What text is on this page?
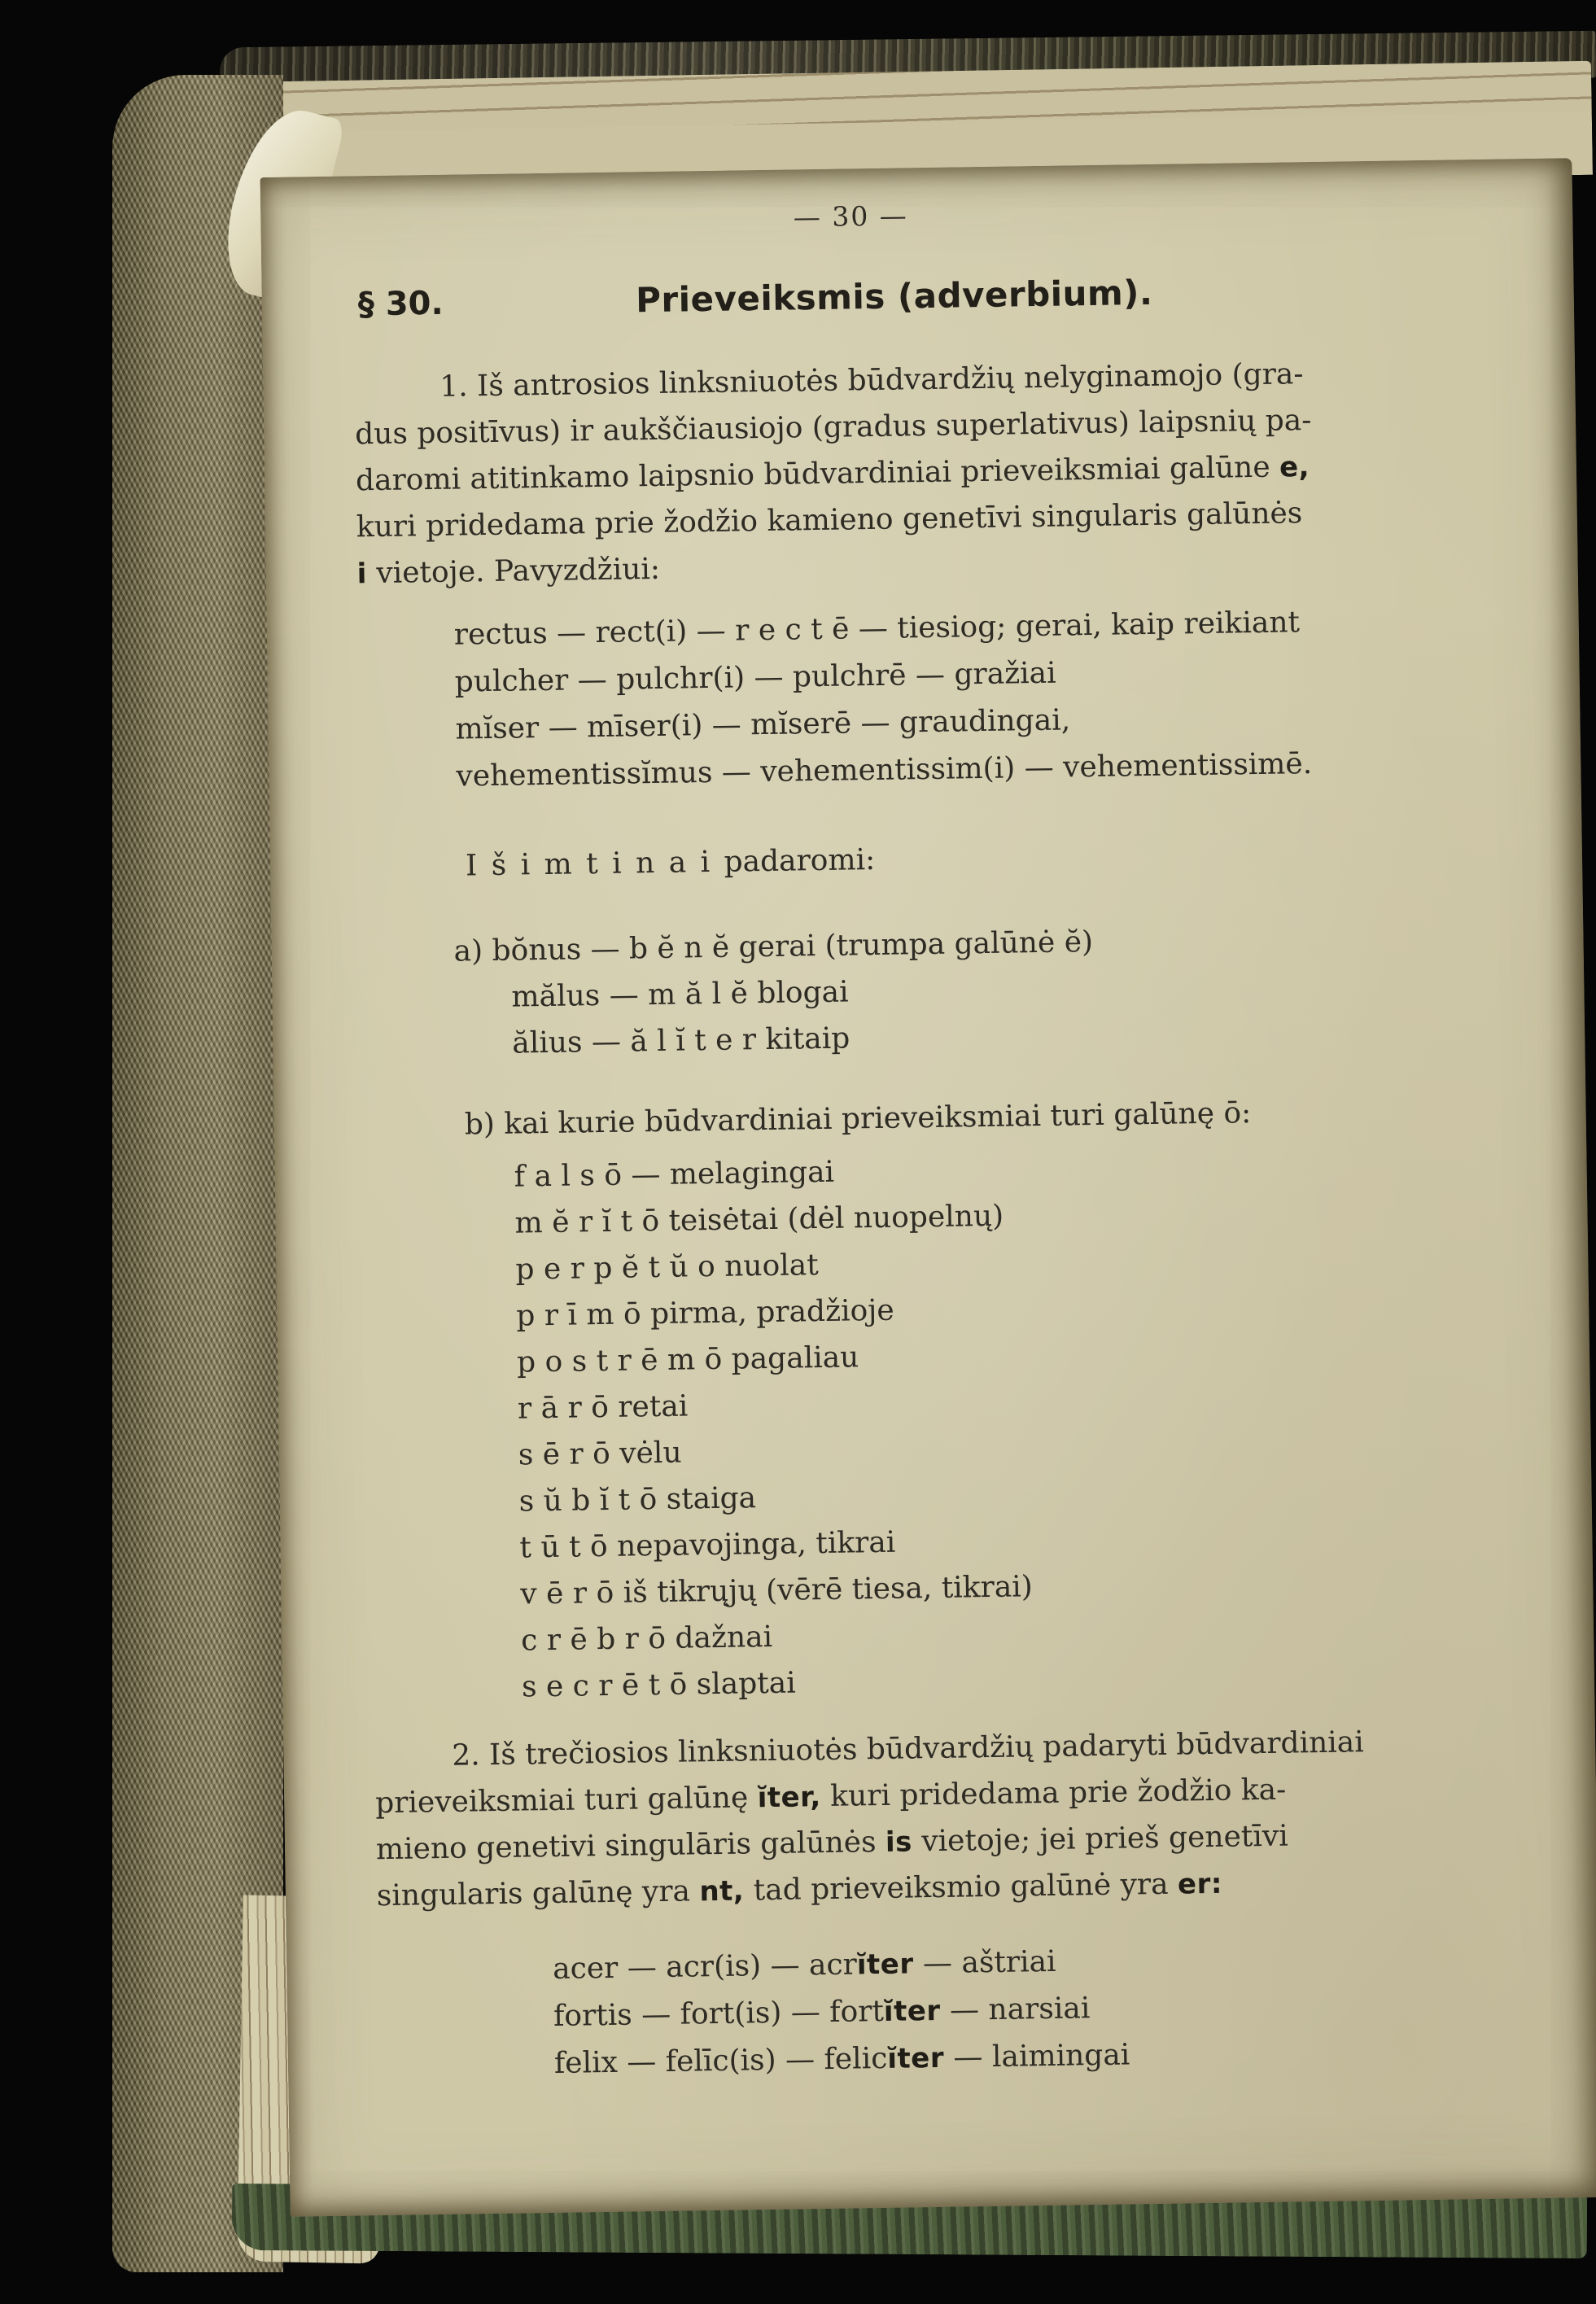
— 30 —
§ 30.	Prieveiksmis (adverbium).
1. Iš antrosios linksniuotės būdvardžių nelyginamojo (gra-
dus positīvus) ir aukščiausiojo (gradus superlativus) laipsnių pa-
daromi atitinkamo laipsnio būdvardiniai prieveiksmiai galūne e,
kuri pridedama prie žodžio kamieno genetīvi singularis galūnės
i vietoje. Pavyzdžiui:
rectus — rect(i) — r e c t ē — tiesiog; gerai, kaip reikiant
pulcher — pulchr(i) — pulchrē — gražiai
mĭser — mīser(i) — mĭserē — graudingai,
vehementissĭmus — vehementissim(i) — vehementissimē.
I š i m t i n a i padaromi:
a) bŏnus — b ĕ n ĕ gerai (trumpa galūnė ĕ)
mălus — m ă l ĕ blogai
ălius — ă l ĭ t e r kitaip
b) kai kurie būdvardiniai prieveiksmiai turi galūnę ō:
f a l s ō — melagingai
m ĕ r ĭ t ō teisėtai (dėl nuopelnų)
p e r p ĕ t ŭ o nuolat
p r ī m ō pirma, pradžioje
p o s t r ē m ō pagaliau
r ā r ō retai
s ē r ō vėlu
s ŭ b ĭ t ō staiga
t ū t ō nepavojinga, tikrai
v ē r ō iš tikrųjų (vērē tiesa, tikrai)
c r ē b r ō dažnai
s e c r ē t ō slaptai
2. Iš trečiosios linksniuotės būdvardžių padaryti būdvardiniai
prieveiksmiai turi galūnę ĭter, kuri pridedama prie žodžio ka-
mieno genetivi singulāris galūnės is vietoje; jei prieš genetīvi
singularis galūnę yra nt, tad prieveiksmio galūnė yra er:
acer — acr(is) — acrĭter — aštriai
fortis — fort(is) — fortĭter — narsiai
felix — felīc(is) — felicĭter — laimingai
